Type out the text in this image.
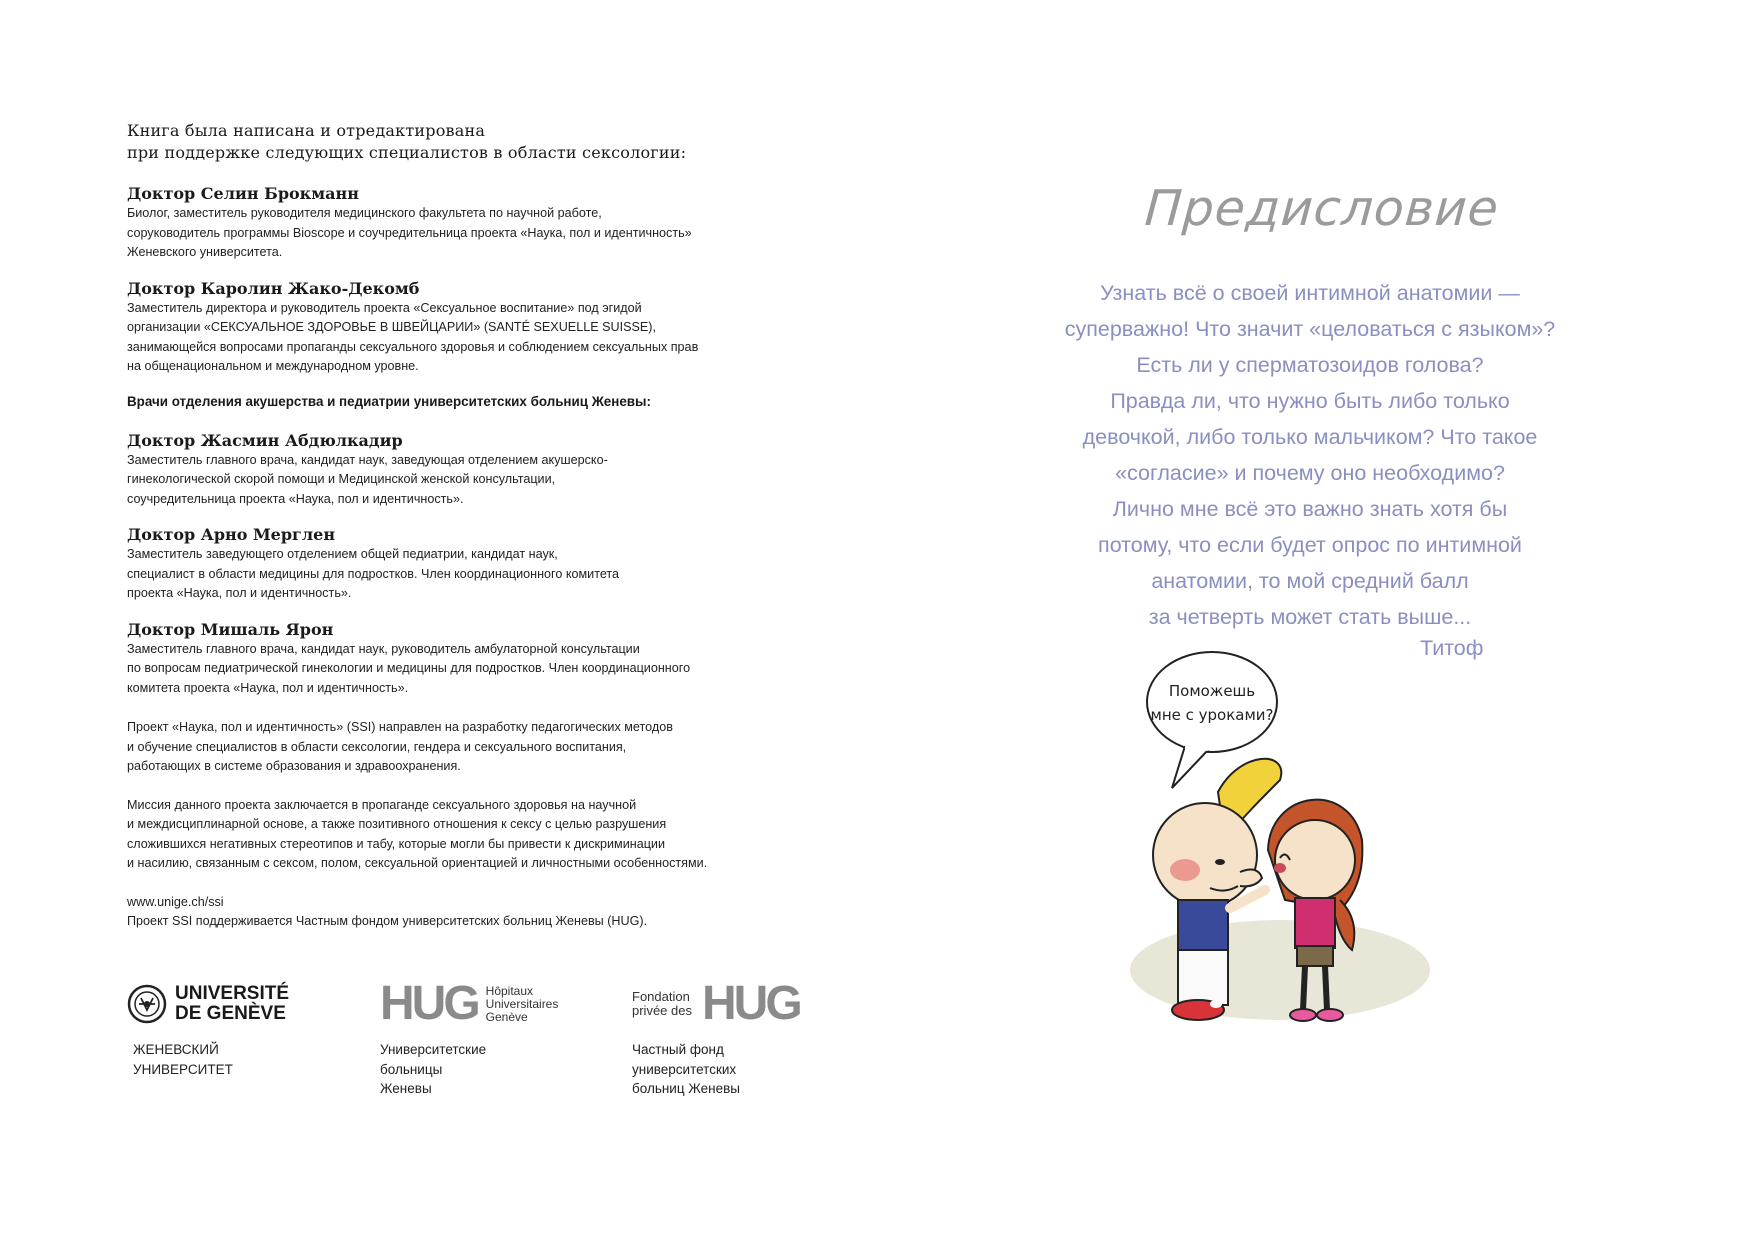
Книга была написана и отредактирована
при поддержке следующих специалистов в области сексологии:

Доктор Селин Брокманн

Биолог, заместитель руководителя медицинского факультета по научной работе,
соруководитель программы Bioscope и соучредительница проекта «Наука, пол и идентичность»
Женевского университета.

Доктор Каролин Жако-Декомб

Заместитель директора и руководитель проекта «Сексуальное воспитание» под эгидой
организации «СЕКСУАЛЬНОЕ ЗДОРОВЬЕ В ШВЕЙЦАРИИ» (SANTÉ SEXUELLE SUISSE),
занимающейся вопросами пропаганды сексуального здоровья и соблюдением сексуальных прав
на общенациональном и международном уровне.

Врачи отделения акушерства и педиатрии университетских больниц Женевы:

Доктор Жасмин Абдюлкадир

Заместитель главного врача, кандидат наук, заведующая отделением акушерско-
гинекологической скорой помощи и Медицинской женской консультации,
соучредительница проекта «Наука, пол и идентичность».

Доктор Арно Мерглен

Заместитель заведующего отделением общей педиатрии, кандидат наук,
специалист в области медицины для подростков. Член координационного комитета
проекта «Наука, пол и идентичность».

Доктор Мишаль Ярон

Заместитель главного врача, кандидат наук, руководитель амбулаторной консультации
по вопросам педиатрической гинекологии и медицины для подростков. Член координационного
комитета проекта «Наука, пол и идентичность».

Проект «Наука, пол и идентичность» (SSI) направлен на разработку педагогических методов
и обучение специалистов в области сексологии, гендера и сексуального воспитания,
работающих в системе образования и здравоохранения.

Миссия данного проекта заключается в пропаганде сексуального здоровья на научной
и междисциплинарной основе, а также позитивного отношения к сексу с целью разрушения
сложившихся негативных стереотипов и табу, которые могли бы привести к дискриминации
и насилию, связанным с сексом, полом, сексуальной ориентацией и личностными особенностями.

www.unige.ch/ssi
Проект SSI поддерживается Частным фондом университетских больниц Женевы (HUG).

UNIVERSITÉ
DE GENÈVE
ЖЕНЕВСКИЙ
УНИВЕРСИТЕТ
HUG Hôpitaux
Universitaires
Genève
Университетские
больницы
Женевы
Fondation
privée des HUG
Частный фонд
университетских
больниц Женевы
Предисловие
Узнать всё о своей интимной анатомии —
суперважно! Что значит «целоваться с языком»?
Есть ли у сперматозоидов голова?
Правда ли, что нужно быть либо только
девочкой, либо только мальчиком? Что такое
«согласие» и почему оно необходимо?
Лично мне всё это важно знать хотя бы
потому, что если будет опрос по интимной
анатомии, то мой средний балл
за четверть может стать выше...
Титоф
Поможешь
мне с уроками?
